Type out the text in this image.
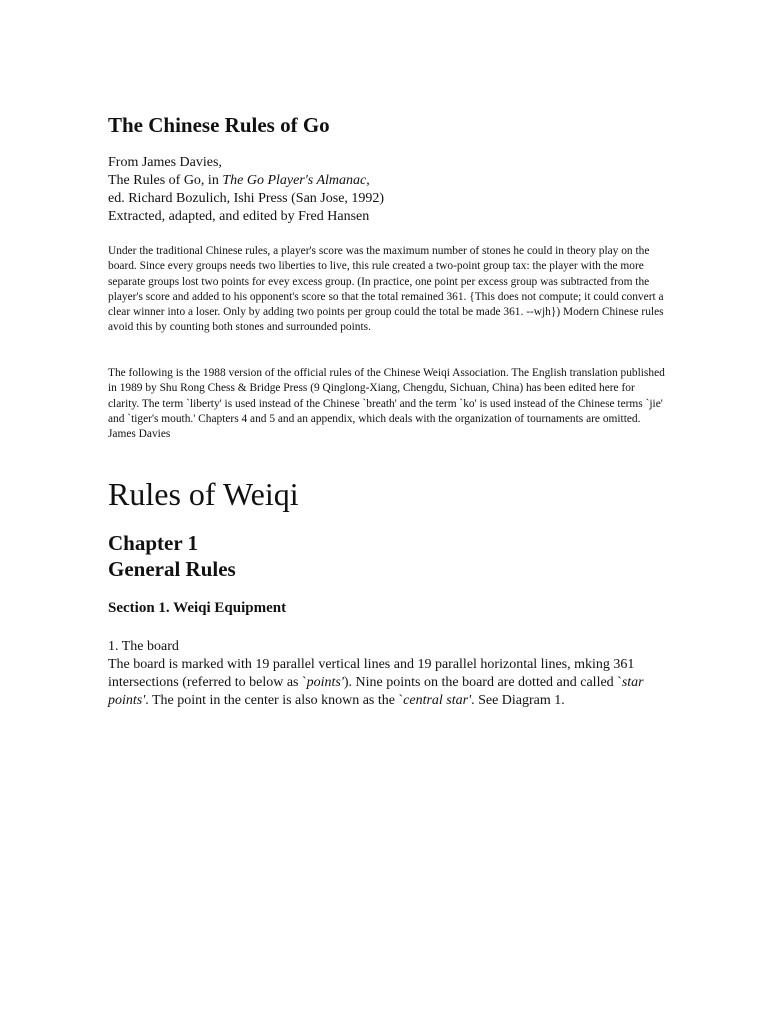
The Chinese Rules of Go
From James Davies,
The Rules of Go, in The Go Player's Almanac,
ed. Richard Bozulich, Ishi Press (San Jose, 1992)
Extracted, adapted, and edited by Fred Hansen

Under the traditional Chinese rules, a player's score was the maximum number of stones he could in theory play on the board. Since every groups needs two liberties to live, this rule created a two-point group tax: the player with the more separate groups lost two points for evey excess group. (In practice, one point per excess group was subtracted from the player's score and added to his opponent's score so that the total remained 361. {This does not compute; it could convert a clear winner into a loser. Only by adding two points per group could the total be made 361. --wjh}) Modern Chinese rules avoid this by counting both stones and surrounded points.

The following is the 1988 version of the official rules of the Chinese Weiqi Association. The English translation published in 1989 by Shu Rong Chess & Bridge Press (9 Qinglong-Xiang, Chengdu, Sichuan, China) has been edited here for clarity. The term `liberty' is used instead of the Chinese `breath' and the term `ko' is used instead of the Chinese terms `jie' and `tiger's mouth.' Chapters 4 and 5 and an appendix, which deals with the organization of tournaments are omitted.
James Davies
Rules of Weiqi
Chapter 1
General Rules
Section 1. Weiqi Equipment
1. The board

The board is marked with 19 parallel vertical lines and 19 parallel horizontal lines, mking 361 intersections (referred to below as `points'). Nine points on the board are dotted and called `star points'. The point in the center is also known as the `central star'. See Diagram 1.
